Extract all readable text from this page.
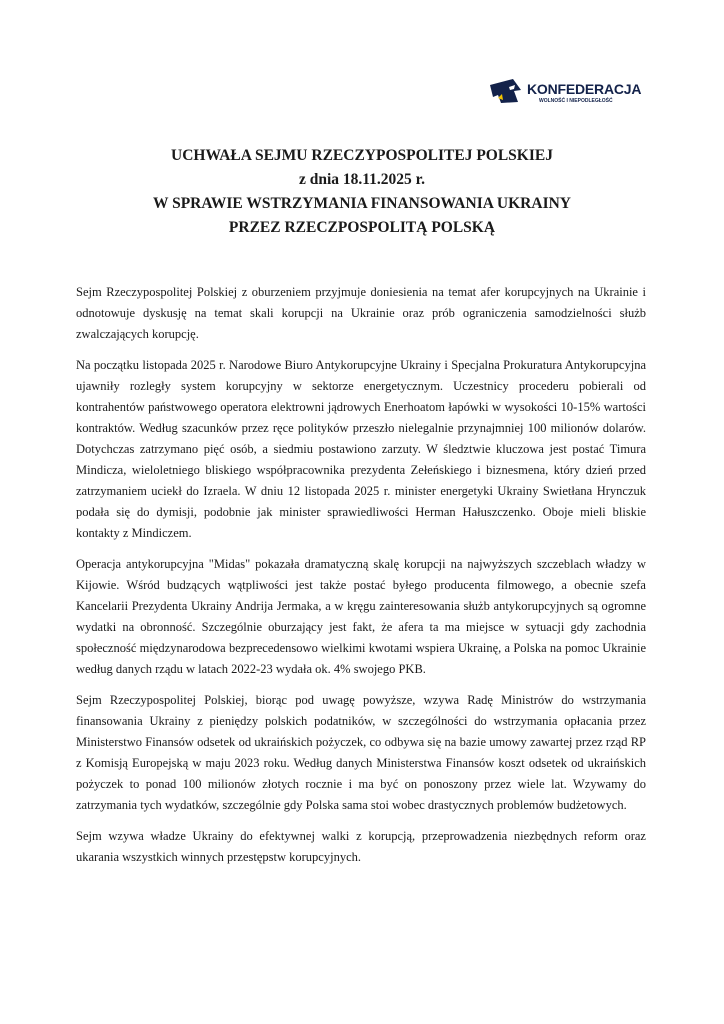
KONFEDERACJA
WOLNOŚĆ I NIEPODLEGŁOŚĆ
UCHWAŁA SEJMU RZECZYPOSPOLITEJ POLSKIEJ
z dnia 18.11.2025 r.
W SPRAWIE WSTRZYMANIA FINANSOWANIA UKRAINY
PRZEZ RZECZPOSPOLITĄ POLSKĄ

Sejm Rzeczypospolitej Polskiej z oburzeniem przyjmuje doniesienia na temat afer korupcyjnych na Ukrainie i odnotowuje dyskusję na temat skali korupcji na Ukrainie oraz prób ograniczenia samodzielności służb zwalczających korupcję.

Na początku listopada 2025 r. Narodowe Biuro Antykorupcyjne Ukrainy i Specjalna Prokuratura Antykorupcyjna ujawniły rozległy system korupcyjny w sektorze energetycznym. Uczestnicy procederu pobierali od kontrahentów państwowego operatora elektrowni jądrowych Enerhoatom łapówki w wysokości 10-15% wartości kontraktów. Według szacunków przez ręce polityków przeszło nielegalnie przynajmniej 100 milionów dolarów. Dotychczas zatrzymano pięć osób, a siedmiu postawiono zarzuty. W śledztwie kluczowa jest postać Timura Mindicza, wieloletniego bliskiego współpracownika prezydenta Zełeńskiego i biznesmena, który dzień przed zatrzymaniem uciekł do Izraela. W dniu 12 listopada 2025 r. minister energetyki Ukrainy Swietłana Hrynczuk podała się do dymisji, podobnie jak minister sprawiedliwości Herman Hałuszczenko. Oboje mieli bliskie kontakty z Mindiczem.

Operacja antykorupcyjna "Midas" pokazała dramatyczną skalę korupcji na najwyższych szczeblach władzy w Kijowie. Wśród budzących wątpliwości jest także postać byłego producenta filmowego, a obecnie szefa Kancelarii Prezydenta Ukrainy Andrija Jermaka, a w kręgu zainteresowania służb antykorupcyjnych są ogromne wydatki na obronność. Szczególnie oburzający jest fakt, że afera ta ma miejsce w sytuacji gdy zachodnia społeczność międzynarodowa bezprecedensowo wielkimi kwotami wspiera Ukrainę, a Polska na pomoc Ukrainie według danych rządu w latach 2022-23 wydała ok. 4% swojego PKB.

Sejm Rzeczypospolitej Polskiej, biorąc pod uwagę powyższe, wzywa Radę Ministrów do wstrzymania finansowania Ukrainy z pieniędzy polskich podatników, w szczególności do wstrzymania opłacania przez Ministerstwo Finansów odsetek od ukraińskich pożyczek, co odbywa się na bazie umowy zawartej przez rząd RP z Komisją Europejską w maju 2023 roku. Według danych Ministerstwa Finansów koszt odsetek od ukraińskich pożyczek to ponad 100 milionów złotych rocznie i ma być on ponoszony przez wiele lat. Wzywamy do zatrzymania tych wydatków, szczególnie gdy Polska sama stoi wobec drastycznych problemów budżetowych.

Sejm wzywa władze Ukrainy do efektywnej walki z korupcją, przeprowadzenia niezbędnych reform oraz ukarania wszystkich winnych przestępstw korupcyjnych.
